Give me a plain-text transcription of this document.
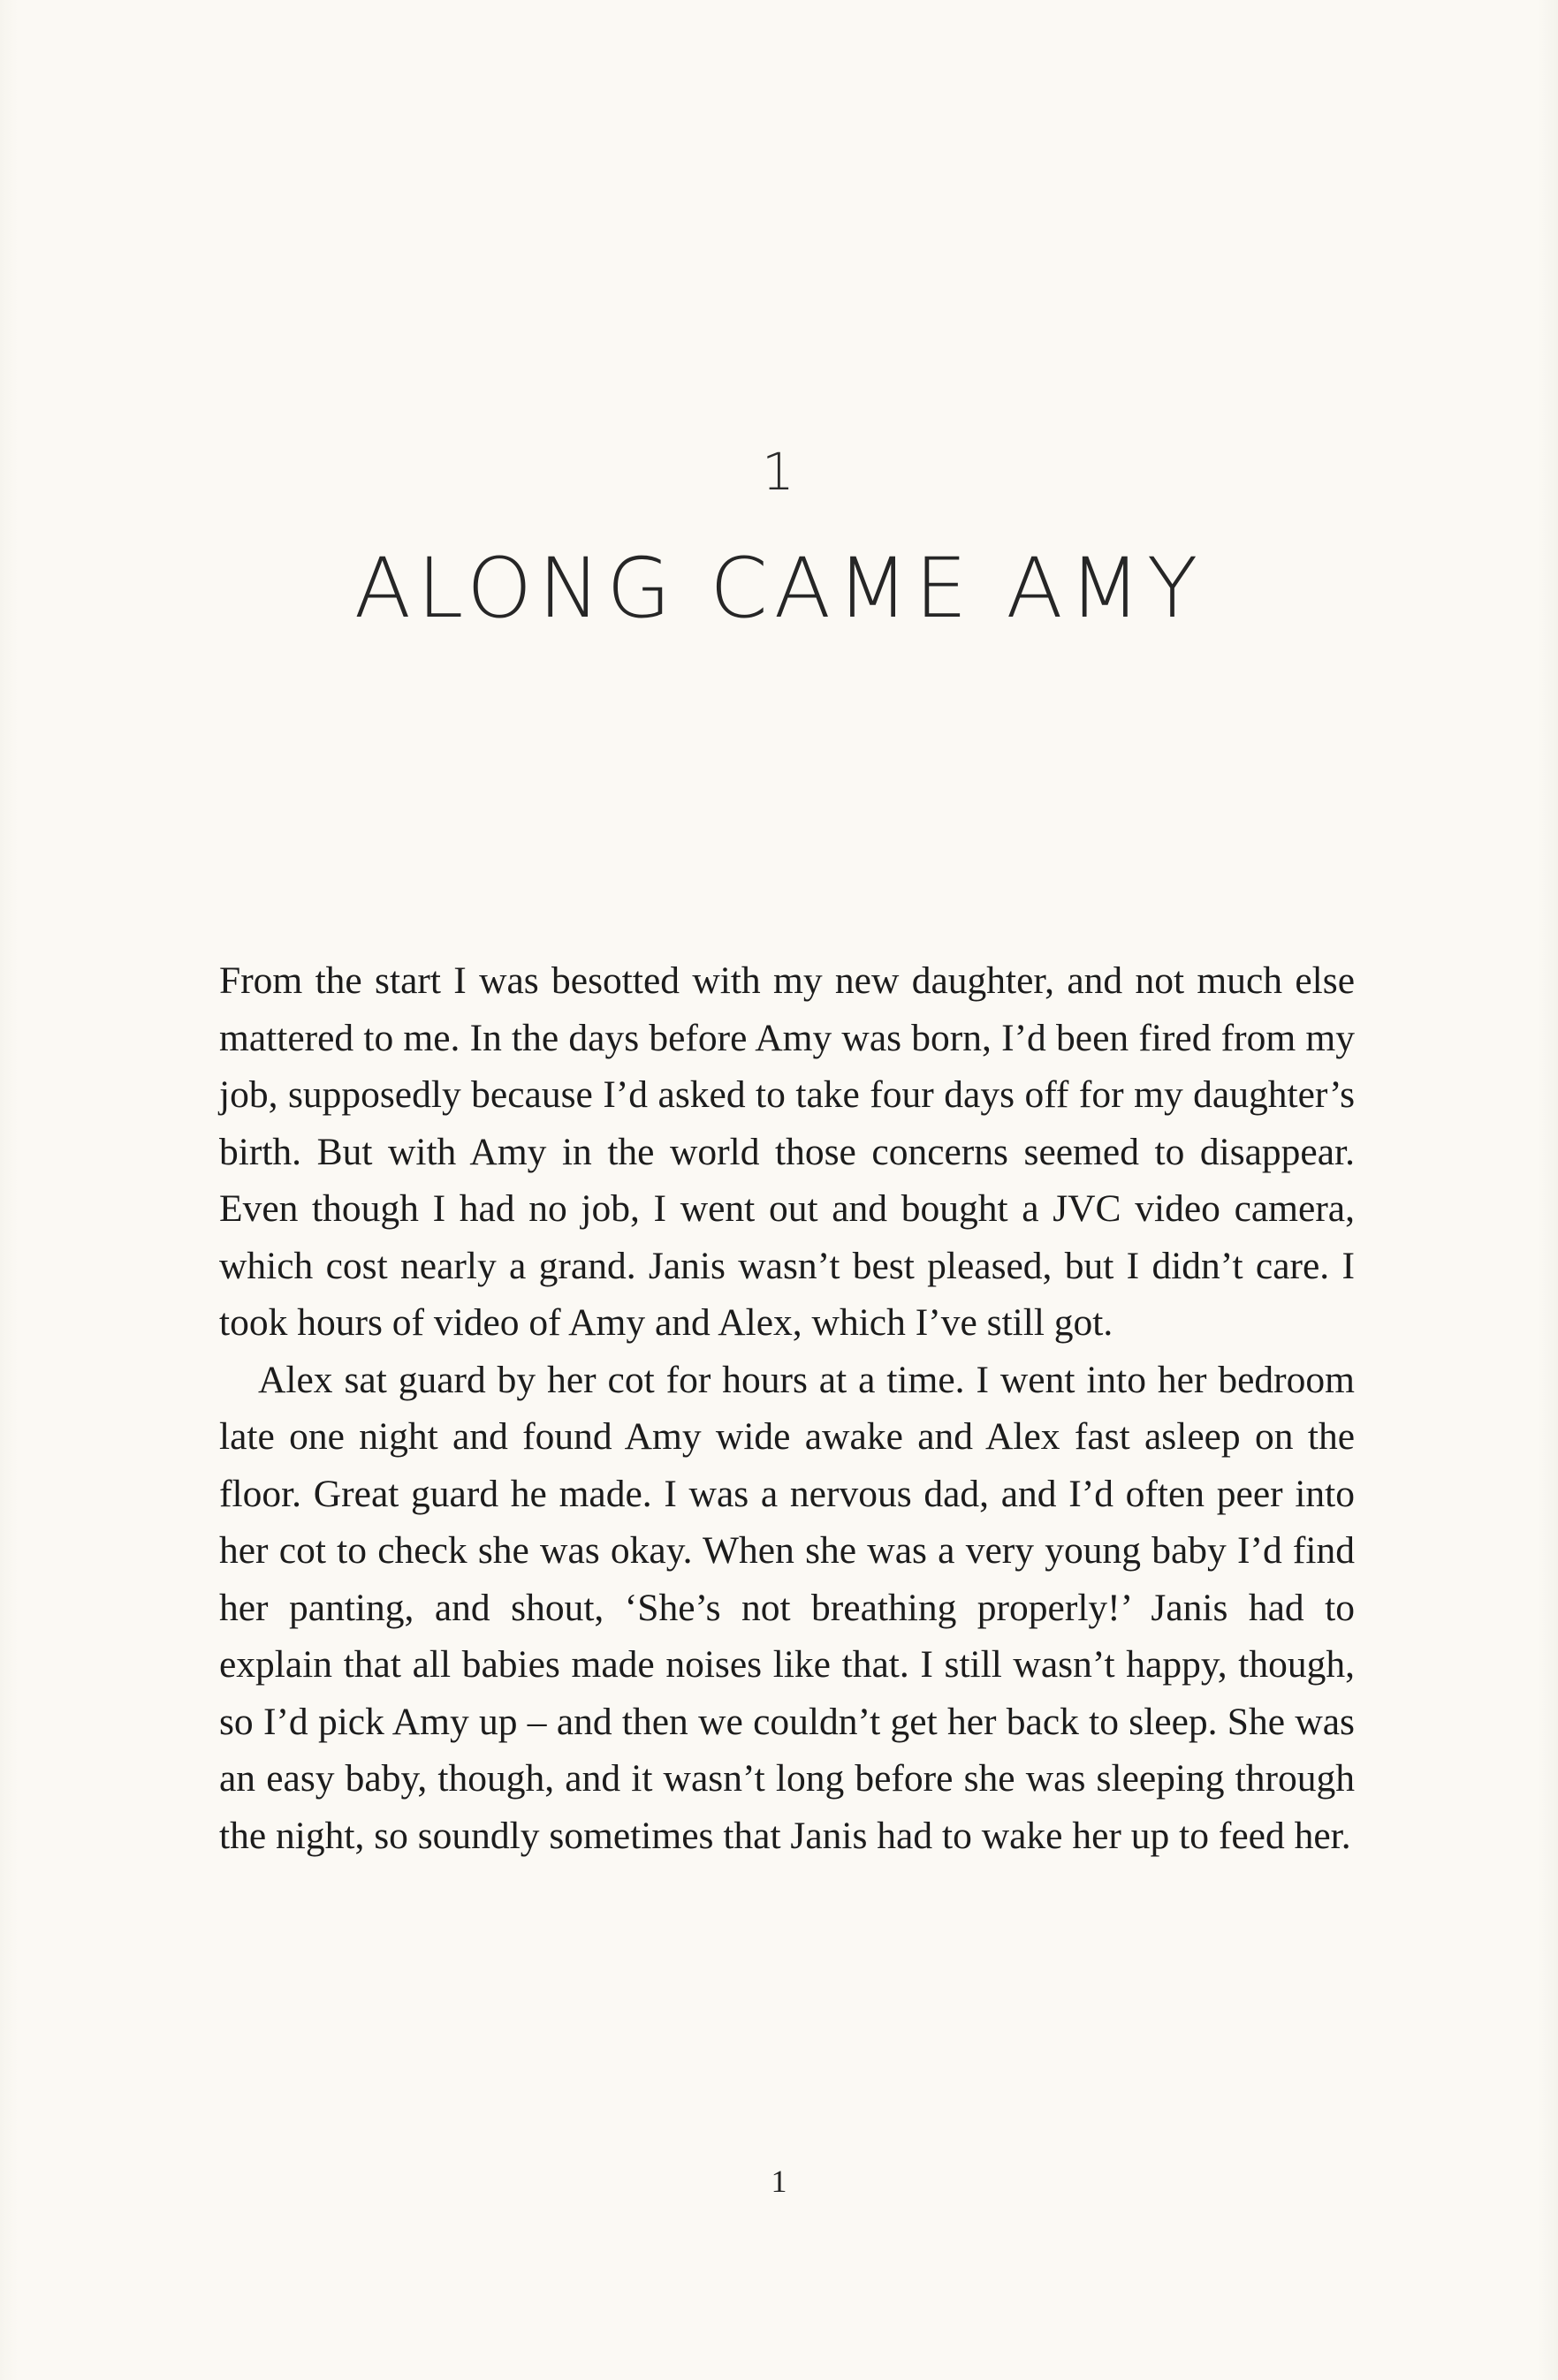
1
ALONG CAME AMY

From the start I was besotted with my new daughter, and not much else mattered to me. In the days before Amy was born, I’d been fired from my job, supposedly because I’d asked to take four days off for my daughter’s birth. But with Amy in the world those concerns seemed to disappear. Even though I had no job, I went out and bought a JVC video camera, which cost nearly a grand. Janis wasn’t best pleased, but I didn’t care. I took hours of video of Amy and Alex, which I’ve still got.

Alex sat guard by her cot for hours at a time. I went into her bedroom late one night and found Amy wide awake and Alex fast asleep on the floor. Great guard he made. I was a nervous dad, and I’d often peer into her cot to check she was okay. When she was a very young baby I’d find her panting, and shout, ‘She’s not breathing properly!’ Janis had to explain that all babies made noises like that. I still wasn’t happy, though, so I’d pick Amy up – and then we couldn’t get her back to sleep. She was an easy baby, though, and it wasn’t long before she was sleeping through the night, so soundly sometimes that Janis had to wake her up to feed her.

1
